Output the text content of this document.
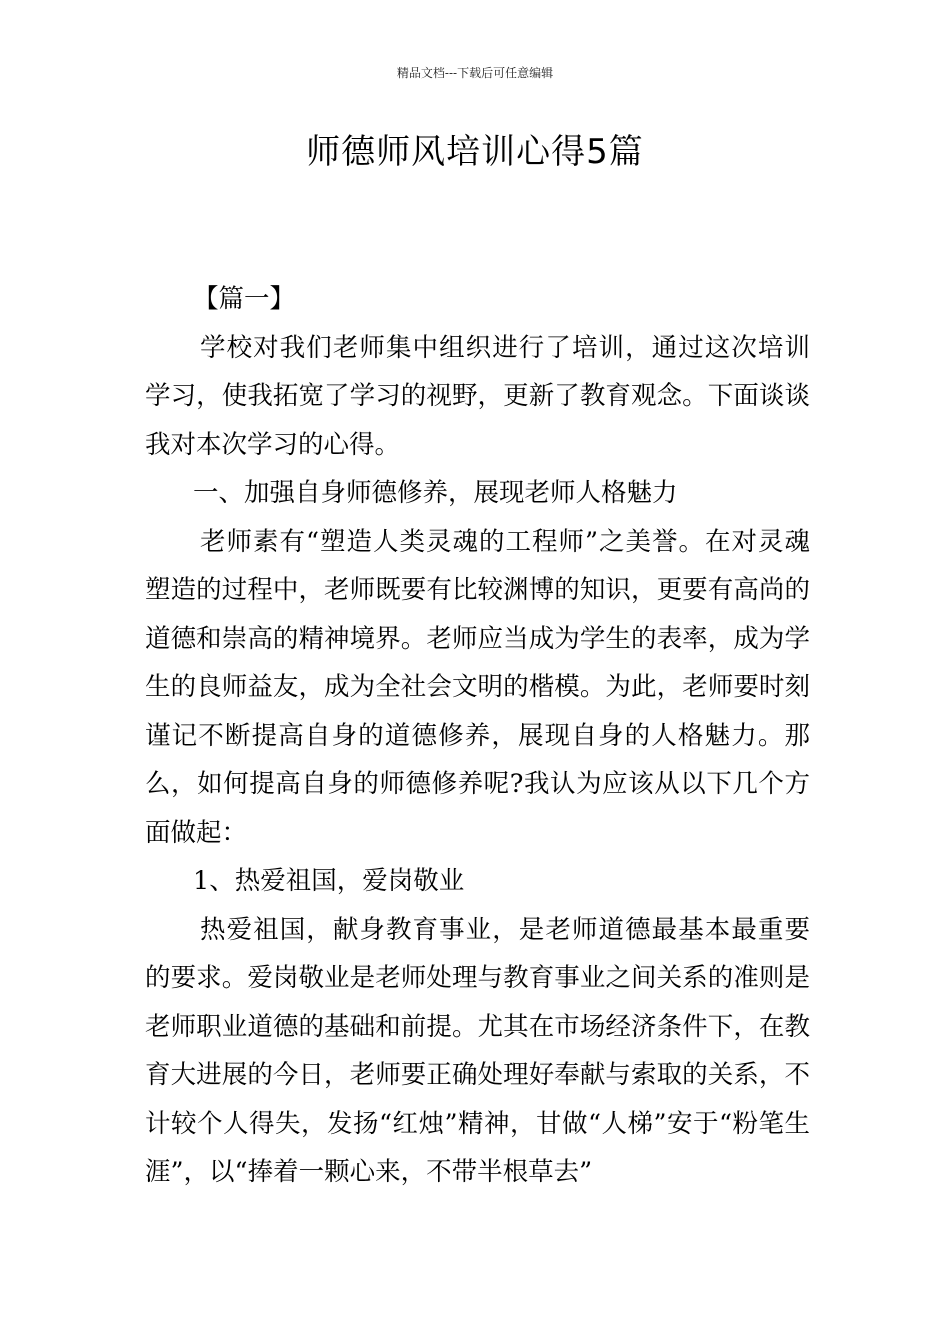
精品文档---下载后可任意编辑
师德师风培训心得5篇

【篇一】

学校对我们老师集中组织进行了培训，通过这次培训学习，使我拓宽了学习的视野，更新了教育观念。下面谈谈我对本次学习的心得。

一、加强自身师德修养，展现老师人格魅力

老师素有“塑造人类灵魂的工程师”之美誉。在对灵魂塑造的过程中，老师既要有比较渊博的知识，更要有高尚的道德和崇高的精神境界。老师应当成为学生的表率，成为学生的良师益友，成为全社会文明的楷模。为此，老师要时刻谨记不断提高自身的道德修养，展现自身的人格魅力。那么，如何提高自身的师德修养呢?我认为应该从以下几个方面做起：

1、热爱祖国，爱岗敬业

热爱祖国，献身教育事业，是老师道德最基本最重要的要求。爱岗敬业是老师处理与教育事业之间关系的准则是老师职业道德的基础和前提。尤其在市场经济条件下，在教育大进展的今日，老师要正确处理好奉献与索取的关系，不计较个人得失，发扬“红烛”精神，甘做“人梯”安于“粉笔生涯”，以“捧着一颗心来，不带半根草去”
